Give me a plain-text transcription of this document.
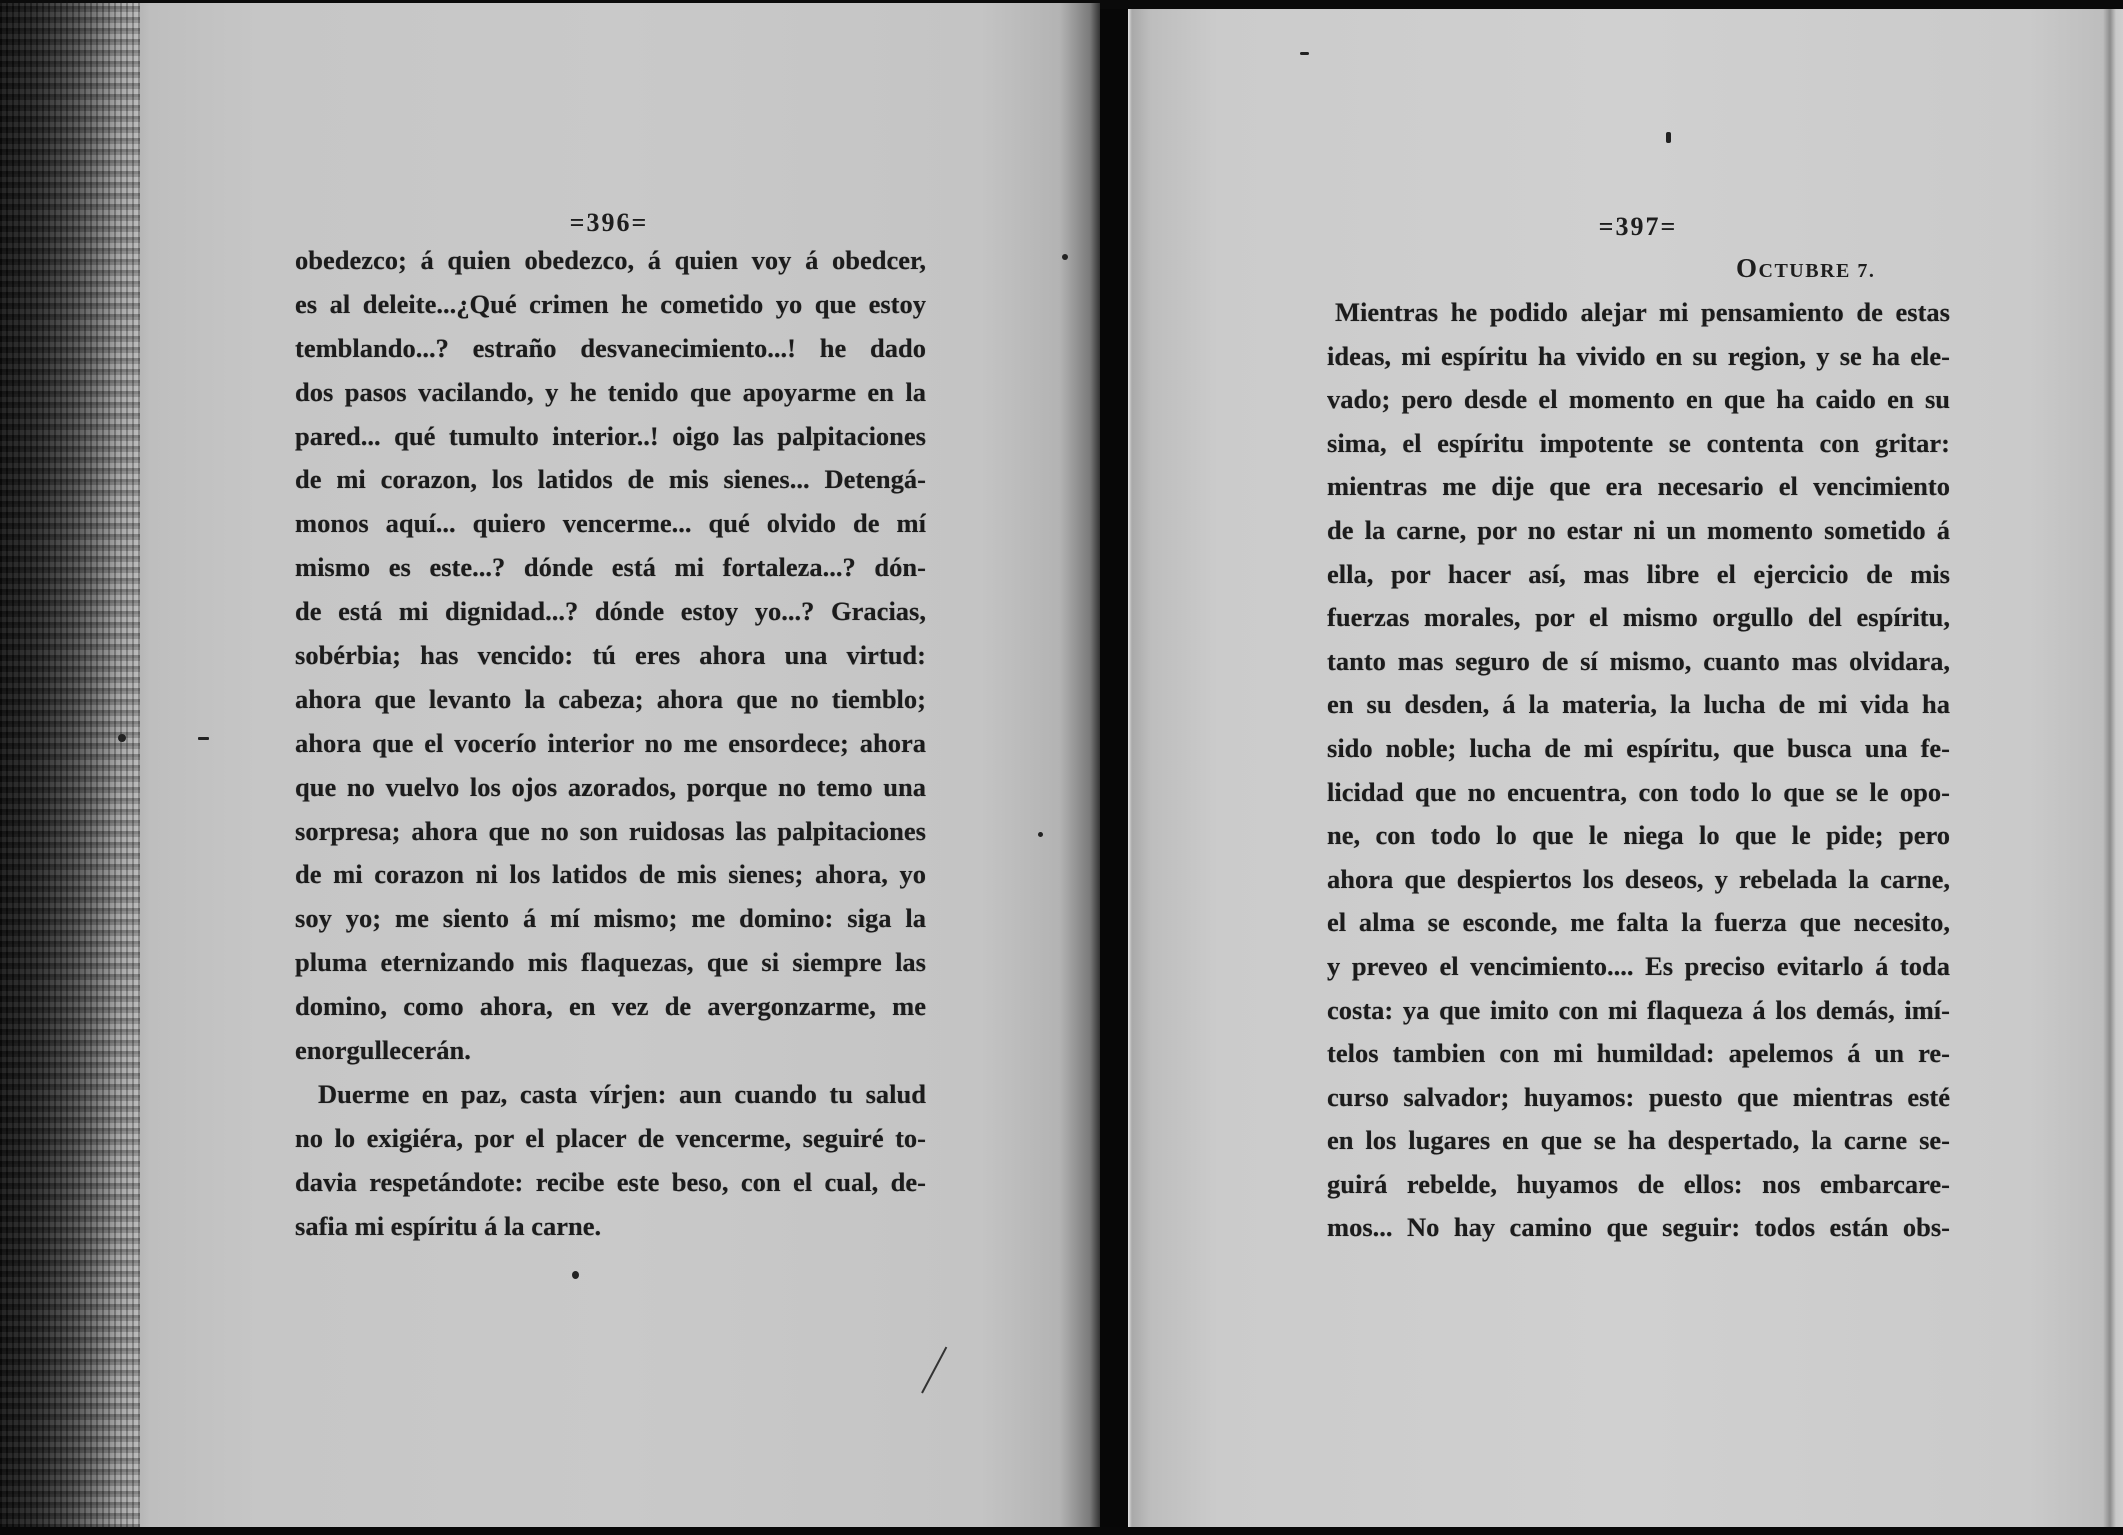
=396=
obedezco; á quien obedezco, á quien voy á obedcer,
es al deleite...¿Qué crimen he cometido yo que estoy
temblando...? estraño desvanecimiento...! he dado
dos pasos vacilando, y he tenido que apoyarme en la
pared... qué tumulto interior..! oigo las palpitaciones
de mi corazon, los latidos de mis sienes... Detengá-
monos aquí... quiero vencerme... qué olvido de mí
mismo es este...? dónde está mi fortaleza...? dón-
de está mi dignidad...? dónde estoy yo...? Gracias,
sobérbia; has vencido: tú eres ahora una virtud:
ahora que levanto la cabeza; ahora que no tiemblo;
ahora que el vocerío interior no me ensordece; ahora
que no vuelvo los ojos azorados, porque no temo una
sorpresa; ahora que no son ruidosas las palpitaciones
de mi corazon ni los latidos de mis sienes; ahora, yo
soy yo; me siento á mí mismo; me domino: siga la
pluma eternizando mis flaquezas, que si siempre las
domino, como ahora, en vez de avergonzarme, me
enorgullecerán.
Duerme en paz, casta vírjen: aun cuando tu salud
no lo exigiéra, por el placer de vencerme, seguiré to-
davia respetándote: recibe este beso, con el cual, de-
safia mi espíritu á la carne.
=397=
OCTUBRE 7.
Mientras he podido alejar mi pensamiento de estas
ideas, mi espíritu ha vivido en su region, y se ha ele-
vado; pero desde el momento en que ha caido en su
sima, el espíritu impotente se contenta con gritar:
mientras me dije que era necesario el vencimiento
de la carne, por no estar ni un momento sometido á
ella, por hacer así, mas libre el ejercicio de mis
fuerzas morales, por el mismo orgullo del espíritu,
tanto mas seguro de sí mismo, cuanto mas olvidara,
en su desden, á la materia, la lucha de mi vida ha
sido noble; lucha de mi espíritu, que busca una fe-
licidad que no encuentra, con todo lo que se le opo-
ne, con todo lo que le niega lo que le pide; pero
ahora que despiertos los deseos, y rebelada la carne,
el alma se esconde, me falta la fuerza que necesito,
y preveo el vencimiento.... Es preciso evitarlo á toda
costa: ya que imito con mi flaqueza á los demás, imí-
telos tambien con mi humildad: apelemos á un re-
curso salvador; huyamos: puesto que mientras esté
en los lugares en que se ha despertado, la carne se-
guirá rebelde, huyamos de ellos: nos embarcare-
mos... No hay camino que seguir: todos están obs-
